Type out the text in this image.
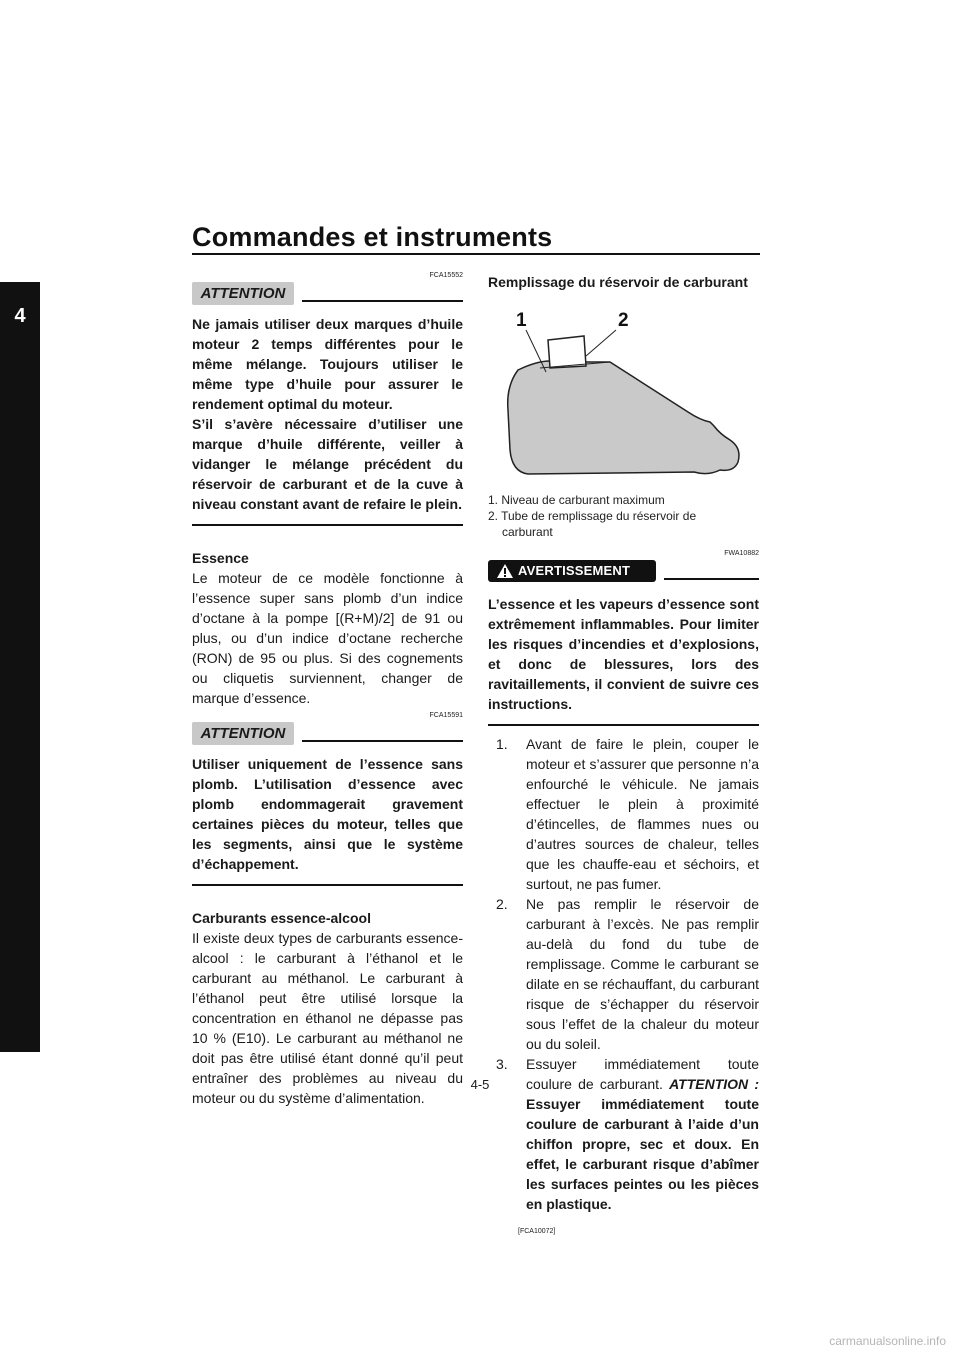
Commandes et instruments
4
FCA15552
ATTENTION
Ne jamais utiliser deux marques d’huile moteur 2 temps différentes pour le même mélange. Toujours utiliser le même type d’huile pour assurer le rendement optimal du moteur.
S’il s’avère nécessaire d’utiliser une marque d’huile différente, veiller à vidanger le mélange précédent du réservoir de carburant et de la cuve à niveau constant avant de refaire le plein.
Essence
Le moteur de ce modèle fonctionne à l’essence super sans plomb d’un indice d’octane à la pompe [(R+M)/2] de 91 ou plus, ou d’un indice d’octane recherche (RON) de 95 ou plus. Si des cognements ou cliquetis surviennent, changer de marque d’essence.
FCA15591
ATTENTION
Utiliser uniquement de l’essence sans plomb. L’utilisation d’essence avec plomb endommagerait gravement certaines pièces du moteur, telles que les segments, ainsi que le système d’échappement.
Carburants essence-alcool
Il existe deux types de carburants essence-alcool : le carburant à l’éthanol et le carburant au méthanol. Le carburant à l’éthanol peut être utilisé lorsque la concentration en éthanol ne dépasse pas 10 % (E10). Le carburant au méthanol ne doit pas être utilisé étant donné qu’il peut entraîner des problèmes au niveau du moteur ou du système d’alimentation.
Remplissage du réservoir de carburant
1	2
1. Niveau de carburant maximum
2. Tube de remplissage du réservoir de carburant
FWA10882
AVERTISSEMENT
L’essence et les vapeurs d’essence sont extrêmement inflammables. Pour limiter les risques d’incendies et d’explosions, et donc de blessures, lors des ravitaillements, il convient de suivre ces instructions.
1.	Avant de faire le plein, couper le moteur et s’assurer que personne n’a enfourché le véhicule. Ne jamais effectuer le plein à proximité d’étincelles, de flammes nues ou d’autres sources de chaleur, telles que les chauffe-eau et séchoirs, et surtout, ne pas fumer.
2.	Ne pas remplir le réservoir de carburant à l’excès. Ne pas remplir au-delà du fond du tube de remplissage. Comme le carburant se dilate en se réchauffant, du carburant risque de s’échapper du réservoir sous l’effet de la chaleur du moteur ou du soleil.
3.	Essuyer immédiatement toute coulure de carburant. ATTENTION : Essuyer immédiatement toute coulure de carburant à l’aide d’un chiffon propre, sec et doux. En effet, le carburant risque d’abîmer les surfaces peintes ou les pièces en plastique.
[FCA10072]
4-5
carmanualsonline.info
